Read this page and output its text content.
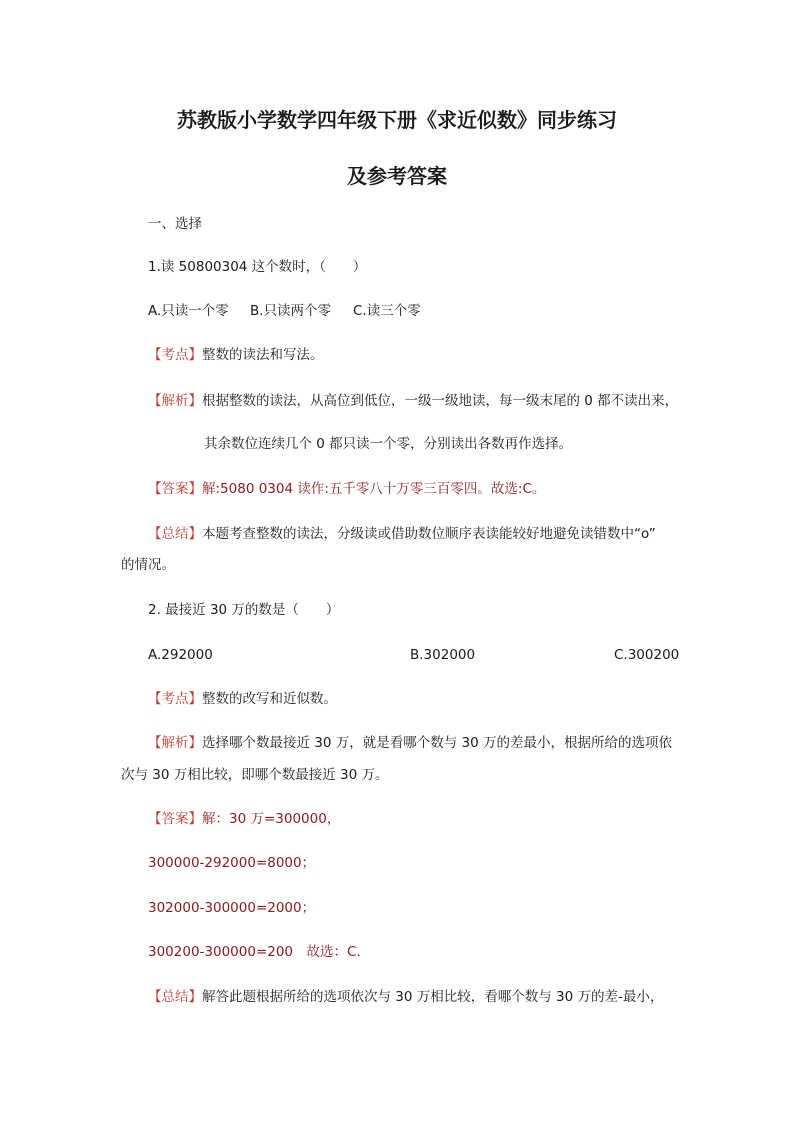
苏教版小学数学四年级下册《求近似数》同步练习
及参考答案

一、选择

1.读 50800304 这个数时，（　　）

A.只读一个零 B.只读两个零 C.读三个零

【考点】整数的读法和写法。

【解析】根据整数的读法，从高位到低位，一级一级地读，每一级末尾的 0 都不读出来，

其余数位连续几个 0 都只读一个零，分别读出各数再作选择。

【答案】解:5080 0304 读作:五千零八十万零三百零四。故选:C。

【总结】本题考查整数的读法，分级读或借助数位顺序表读能较好地避免读错数中“o”

的情况。

2. 最接近 30 万的数是（　　）

A.292000	B.302000	C.300200

【考点】整数的改写和近似数。

【解析】选择哪个数最接近 30 万，就是看哪个数与 30 万的差最小，根据所给的选项依

次与 30 万相比较，即哪个数最接近 30 万。

【答案】解：30 万=300000，

300000-292000=8000；

302000-300000=2000；

300200-300000=200　故选：C.

【总结】解答此题根据所给的选项依次与 30 万相比较，看哪个数与 30 万的差-最小，
